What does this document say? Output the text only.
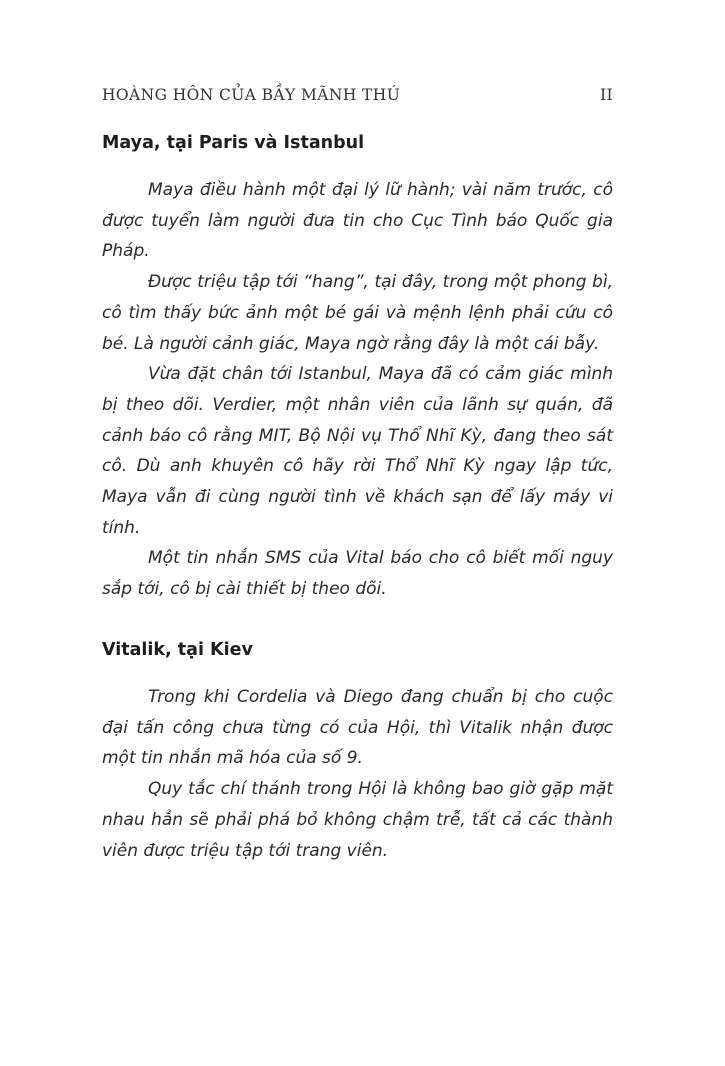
HOÀNG HÔN CỦA BẦY MÃNH THÚ	II
Maya, tại Paris và Istanbul

Maya điều hành một đại lý lữ hành; vài năm trước, cô được tuyển làm người đưa tin cho Cục Tình báo Quốc gia Pháp.

Được triệu tập tới “hang”, tại đây, trong một phong bì, cô tìm thấy bức ảnh một bé gái và mệnh lệnh phải cứu cô bé. Là người cảnh giác, Maya ngờ rằng đây là một cái bẫy.

Vừa đặt chân tới Istanbul, Maya đã có cảm giác mình bị theo dõi. Verdier, một nhân viên của lãnh sự quán, đã cảnh báo cô rằng MIT, Bộ Nội vụ Thổ Nhĩ Kỳ, đang theo sát cô. Dù anh khuyên cô hãy rời Thổ Nhĩ Kỳ ngay lập tức, Maya vẫn đi cùng người tình về khách sạn để lấy máy vi tính.

Một tin nhắn SMS của Vital báo cho cô biết mối nguy sắp tới, cô bị cài thiết bị theo dõi.

Vitalik, tại Kiev

Trong khi Cordelia và Diego đang chuẩn bị cho cuộc đại tấn công chưa từng có của Hội, thì Vitalik nhận được một tin nhắn mã hóa của số 9.

Quy tắc chí thánh trong Hội là không bao giờ gặp mặt nhau hẳn sẽ phải phá bỏ không chậm trễ, tất cả các thành viên được triệu tập tới trang viên.
